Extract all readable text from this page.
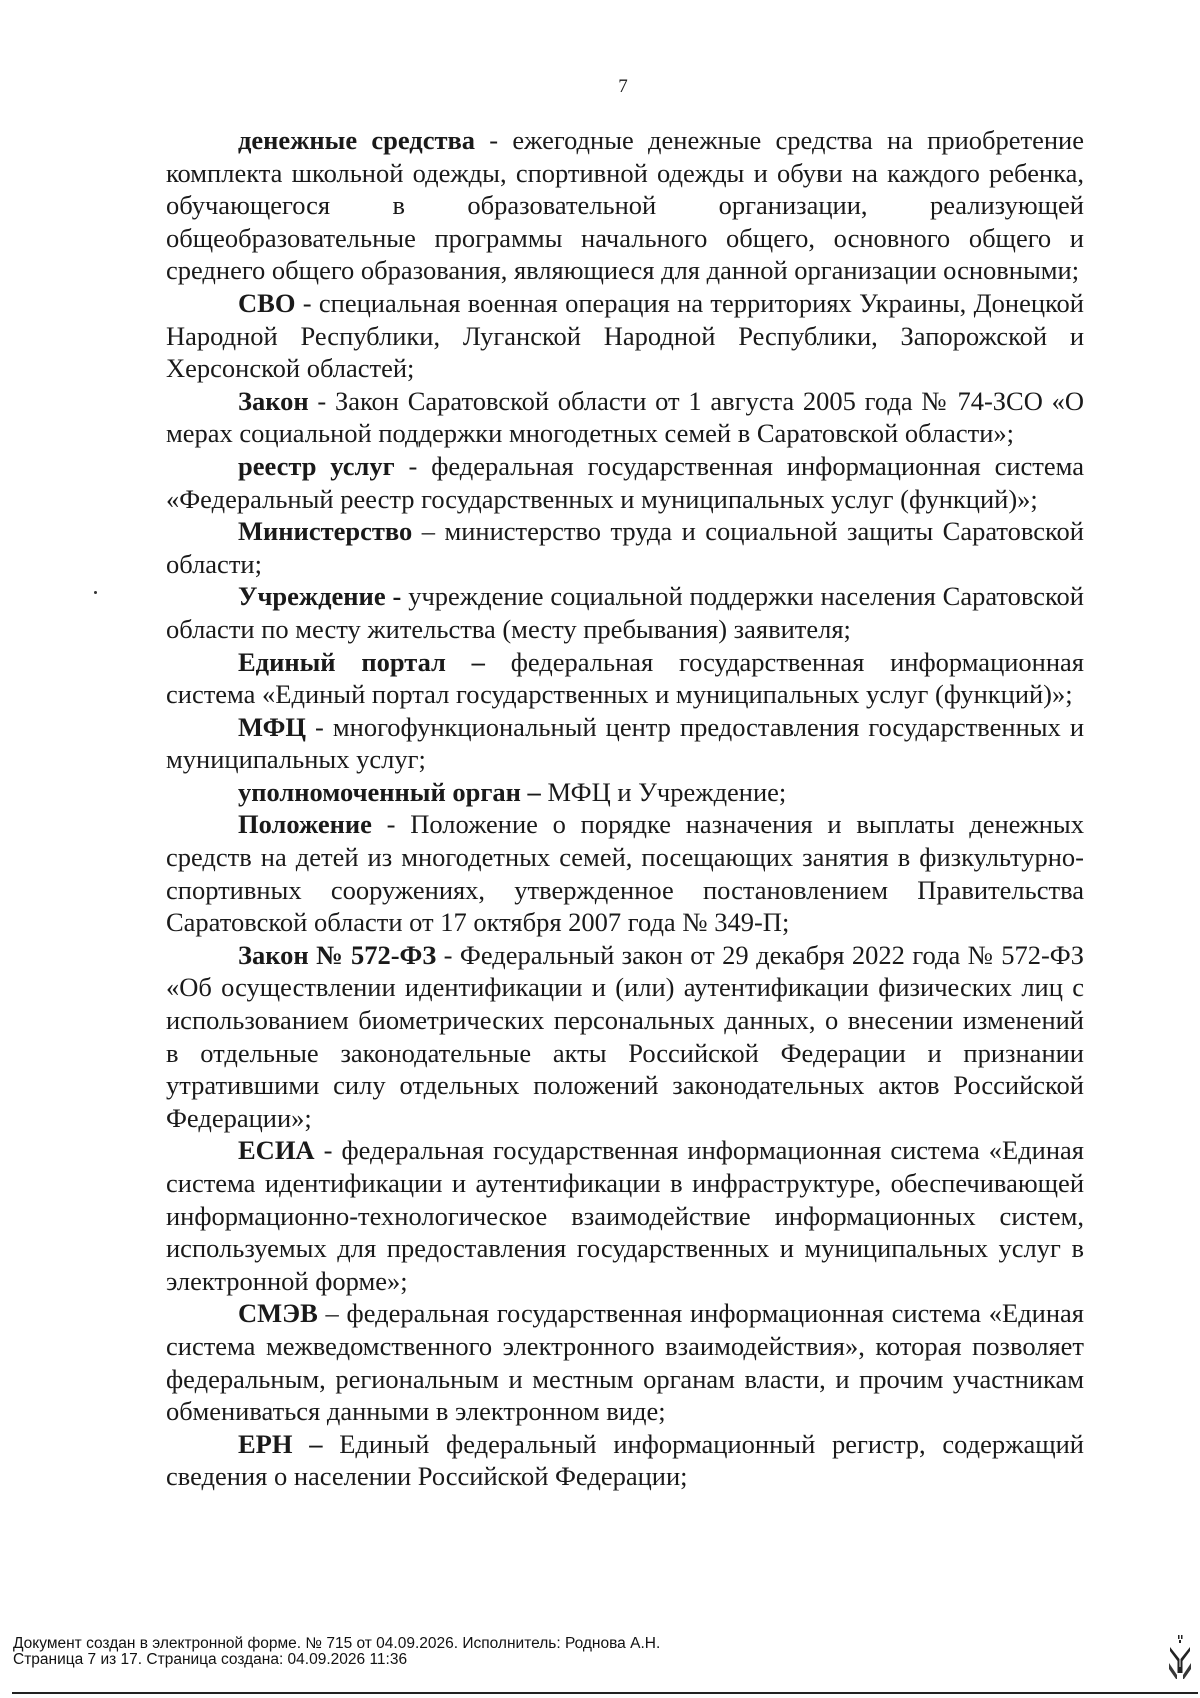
7

денежные средства - ежегодные денежные средства на приобретение комплекта школьной одежды, спортивной одежды и обуви на каждого ребенка, обучающегося в образовательной организации, реализующей общеобразовательные программы начального общего, основного общего и среднего общего образования, являющиеся для данной организации основными;

СВО - специальная военная операция на территориях Украины, Донецкой Народной Республики, Луганской Народной Республики, Запорожской и Херсонской областей;

Закон - Закон Саратовской области от 1 августа 2005 года № 74-ЗСО «О мерах социальной поддержки многодетных семей в Саратовской области»;

реестр услуг - федеральная государственная информационная система «Федеральный реестр государственных и муниципальных услуг (функций)»;

Министерство – министерство труда и социальной защиты Саратовской области;

Учреждение - учреждение социальной поддержки населения Саратовской области по месту жительства (месту пребывания) заявителя;

Единый портал – федеральная государственная информационная система «Единый портал государственных и муниципальных услуг (функций)»;

МФЦ - многофункциональный центр предоставления государственных и муниципальных услуг;

уполномоченный орган – МФЦ и Учреждение;

Положение - Положение о порядке назначения и выплаты денежных средств на детей из многодетных семей, посещающих занятия в физкультурно-спортивных сооружениях, утвержденное постановлением Правительства Саратовской области от 17 октября 2007 года № 349-П;

Закон № 572-ФЗ - Федеральный закон от 29 декабря 2022 года № 572-ФЗ «Об осуществлении идентификации и (или) аутентификации физических лиц с использованием биометрических персональных данных, о внесении изменений в отдельные законодательные акты Российской Федерации и признании утратившими силу отдельных положений законодательных актов Российской Федерации»;

ЕСИА - федеральная государственная информационная система «Единая система идентификации и аутентификации в инфраструктуре, обеспечивающей информационно-технологическое взаимодействие информационных систем, используемых для предоставления государственных и муниципальных услуг в электронной форме»;

СМЭВ – федеральная государственная информационная система «Единая система межведомственного электронного взаимодействия», которая позволяет федеральным, региональным и местным органам власти, и прочим участникам обмениваться данными в электронном виде;

ЕРН – Единый федеральный информационный регистр, содержащий сведения о населении Российской Федерации;

Документ создан в электронной форме. № 715 от 04.09.2026. Исполнитель: Роднова А.Н.
Страница 7 из 17. Страница создана: 04.09.2026 11:36
